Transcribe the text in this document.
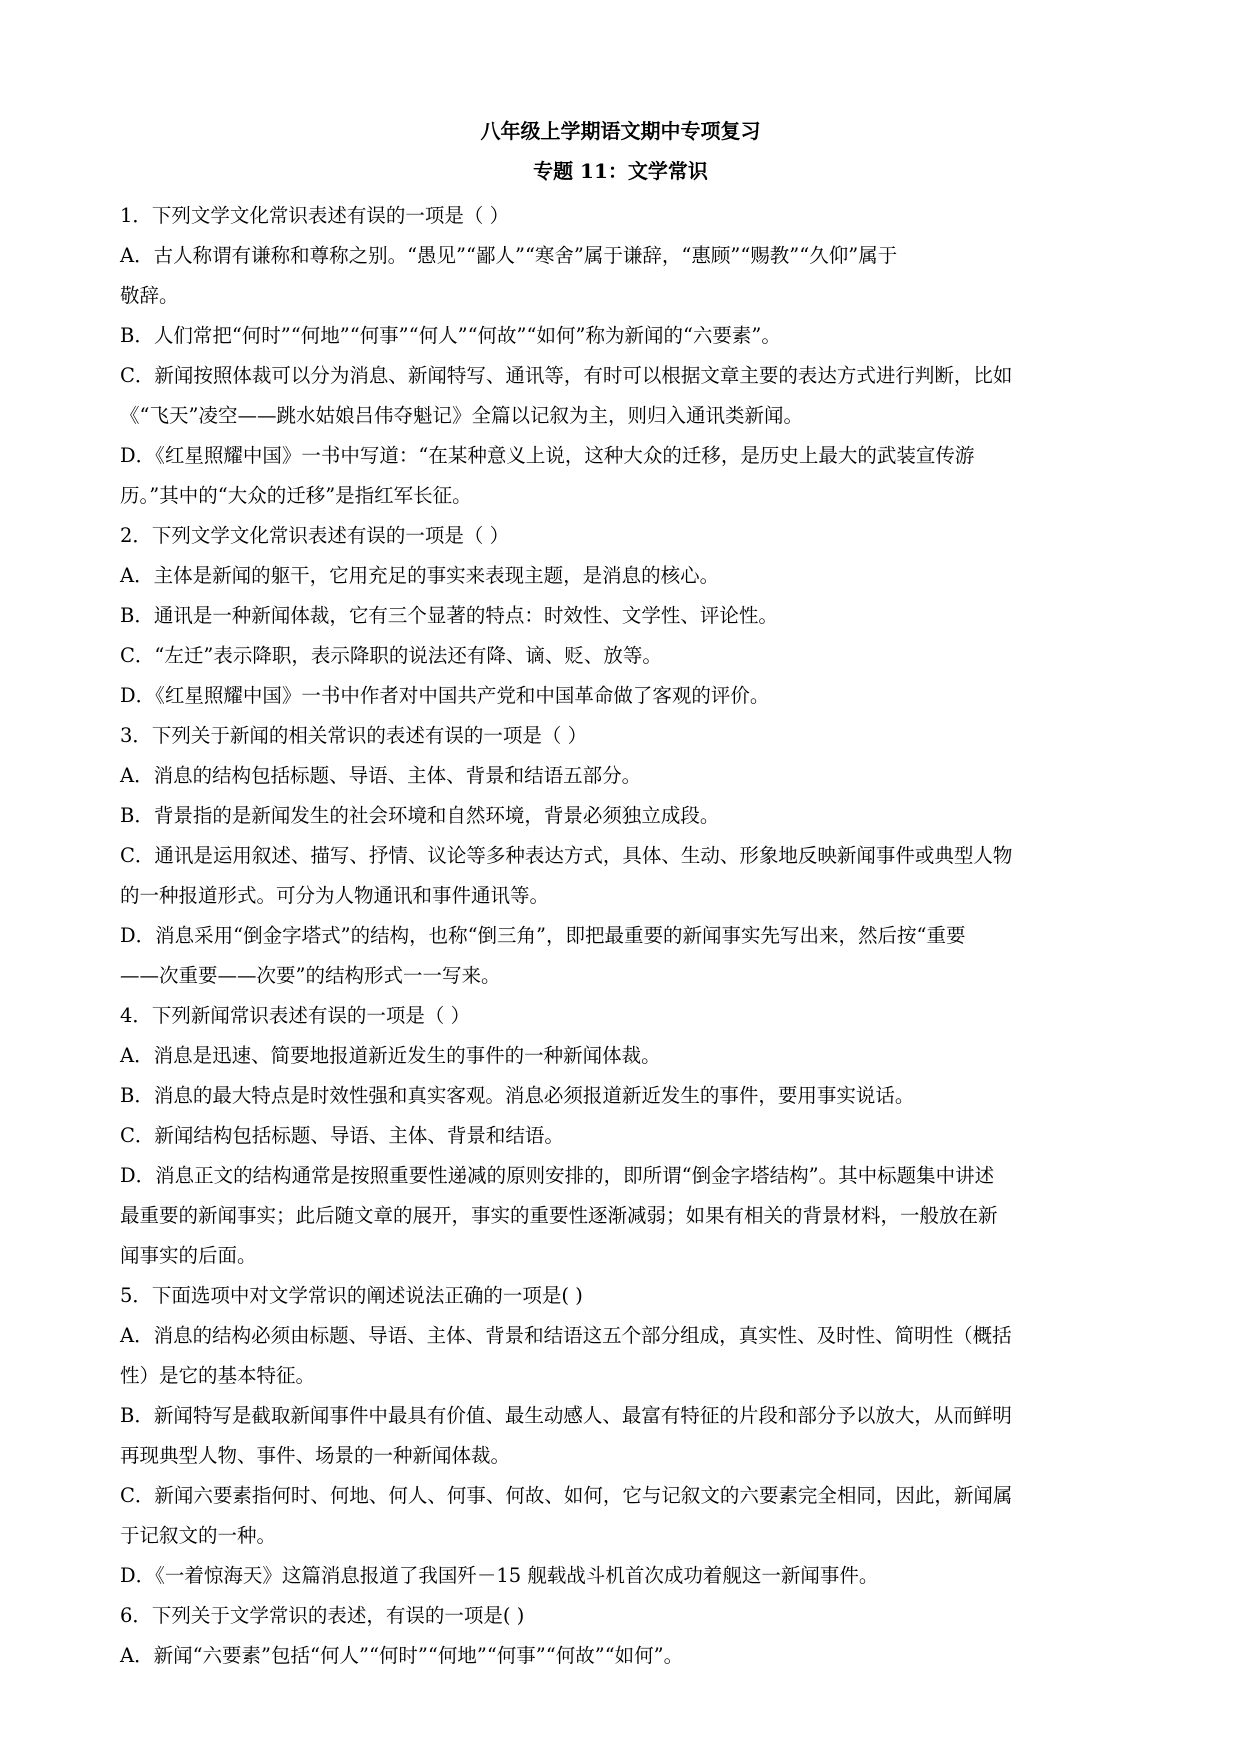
八年级上学期语文期中专项复习
专题 11：文学常识
1．下列文学文化常识表述有误的一项是（ ）
A．古人称谓有谦称和尊称之别。“愚见”“鄙人”“寒舍”属于谦辞，“惠顾”“赐教”“久仰”属于
敬辞。
B．人们常把“何时”“何地”“何事”“何人”“何故”“如何”称为新闻的“六要素”。
C．新闻按照体裁可以分为消息、新闻特写、通讯等，有时可以根据文章主要的表达方式进行判断，比如
《“飞天”凌空——跳水姑娘吕伟夺魁记》全篇以记叙为主，则归入通讯类新闻。
D．《红星照耀中国》一书中写道：“在某种意义上说，这种大众的迁移，是历史上最大的武装宣传游
历。”其中的“大众的迁移”是指红军长征。
2．下列文学文化常识表述有误的一项是（ ）
A．主体是新闻的躯干，它用充足的事实来表现主题，是消息的核心。
B．通讯是一种新闻体裁，它有三个显著的特点：时效性、文学性、评论性。
C．“左迁”表示降职，表示降职的说法还有降、谪、贬、放等。
D．《红星照耀中国》一书中作者对中国共产党和中国革命做了客观的评价。
3．下列关于新闻的相关常识的表述有误的一项是（ ）
A．消息的结构包括标题、导语、主体、背景和结语五部分。
B．背景指的是新闻发生的社会环境和自然环境，背景必须独立成段。
C．通讯是运用叙述、描写、抒情、议论等多种表达方式，具体、生动、形象地反映新闻事件或典型人物
的一种报道形式。可分为人物通讯和事件通讯等。
D．消息采用“倒金字塔式”的结构，也称“倒三角”，即把最重要的新闻事实先写出来，然后按“重要
——次重要——次要”的结构形式一一写来。
4．下列新闻常识表述有误的一项是（ ）
A．消息是迅速、简要地报道新近发生的事件的一种新闻体裁。
B．消息的最大特点是时效性强和真实客观。消息必须报道新近发生的事件，要用事实说话。
C．新闻结构包括标题、导语、主体、背景和结语。
D．消息正文的结构通常是按照重要性递减的原则安排的，即所谓“倒金字塔结构”。其中标题集中讲述
最重要的新闻事实；此后随文章的展开，事实的重要性逐渐减弱；如果有相关的背景材料，一般放在新
闻事实的后面。
5．下面选项中对文学常识的阐述说法正确的一项是( )
A．消息的结构必须由标题、导语、主体、背景和结语这五个部分组成，真实性、及时性、简明性（概括
性）是它的基本特征。
B．新闻特写是截取新闻事件中最具有价值、最生动感人、最富有特征的片段和部分予以放大，从而鲜明
再现典型人物、事件、场景的一种新闻体裁。
C．新闻六要素指何时、何地、何人、何事、何故、如何，它与记叙文的六要素完全相同，因此，新闻属
于记叙文的一种。
D．《一着惊海天》这篇消息报道了我国歼－15 舰载战斗机首次成功着舰这一新闻事件。
6．下列关于文学常识的表述，有误的一项是( )
A．新闻“六要素”包括“何人”“何时”“何地”“何事”“何故”“如何”。
